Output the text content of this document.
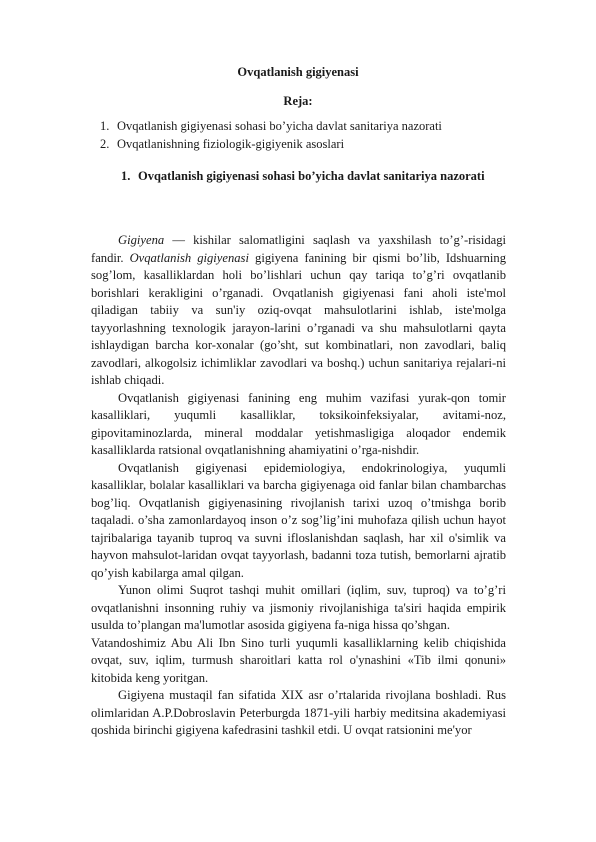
Ovqatlanish gigiyenasi
Reja:
1. Ovqatlanish gigiyenasi sohasi bo’yicha davlat sanitariya nazorati
2. Ovqatlanishning fiziologik-gigiyenik asoslari
1. Ovqatlanish gigiyenasi sohasi bo’yicha davlat sanitariya nazorati

Gigiyena — kishilar salomatligini saqlash va yaxshilash to’g’-risidagi fandir. Ovqatlanish gigiyenasi gigiyena fanining bir qismi bo’lib, Idshuarning sog’lom, kasalliklardan holi bo’lishlari uchun qay tariqa to’g’ri ovqatlanib borishlari kerakligini o’rganadi. Ovqatlanish gigiyenasi fani aholi iste'mol qiladigan tabiiy va sun'iy oziq-ovqat mahsulotlarini ishlab, iste'molga tayyorlashning texnologik jarayon-larini o’rganadi va shu mahsulotlarni qayta ishlaydigan barcha kor-xonalar (go’sht, sut kombinatlari, non zavodlari, baliq zavodlari, alkogolsiz ichimliklar zavodlari va boshq.) uchun sanitariya rejalari-ni ishlab chiqadi.

Ovqatlanish gigiyenasi fanining eng muhim vazifasi yurak-qon tomir kasalliklari, yuqumli kasalliklar, toksikoinfeksiyalar, avitami-noz, gipovitaminozlarda, mineral moddalar yetishmasligiga aloqador endemik kasalliklarda ratsional ovqatlanishning ahamiyatini o’rga-nishdir.

Ovqatlanish gigiyenasi epidemiologiya, endokrinologiya, yuqumli kasalliklar, bolalar kasalliklari va barcha gigiyenaga oid fanlar bilan chambarchas bog’liq. Ovqatlanish gigiyenasining rivojlanish tarixi uzoq o’tmishga borib taqaladi. o’sha zamonlardayoq inson o’z sog’lig’ini muhofaza qilish uchun hayot tajribalariga tayanib tuproq va suvni ifloslanishdan saqlash, har xil o'simlik va hayvon mahsulot-laridan ovqat tayyorlash, badanni toza tutish, bemorlarni ajratib qo’yish kabilarga amal qilgan.

Yunon olimi Suqrot tashqi muhit omillari (iqlim, suv, tuproq) va to’g’ri ovqatlanishni insonning ruhiy va jismoniy rivojlanishiga ta'siri haqida empirik usulda to’plangan ma'lumotlar asosida gigiyena fa-niga hissa qo’shgan.

Vatandoshimiz Abu Ali Ibn Sino turli yuqumli kasalliklarning kelib chiqishida ovqat, suv, iqlim, turmush sharoitlari katta rol o'ynashini «Tib ilmi qonuni» kitobida keng yoritgan.

Gigiyena mustaqil fan sifatida XIX asr o’rtalarida rivojlana boshladi. Rus olimlaridan A.P.Dobroslavin Peterburgda 1871-yili harbiy meditsina akademiyasi qoshida birinchi gigiyena kafedrasini tashkil etdi. U ovqat ratsionini me'yor
